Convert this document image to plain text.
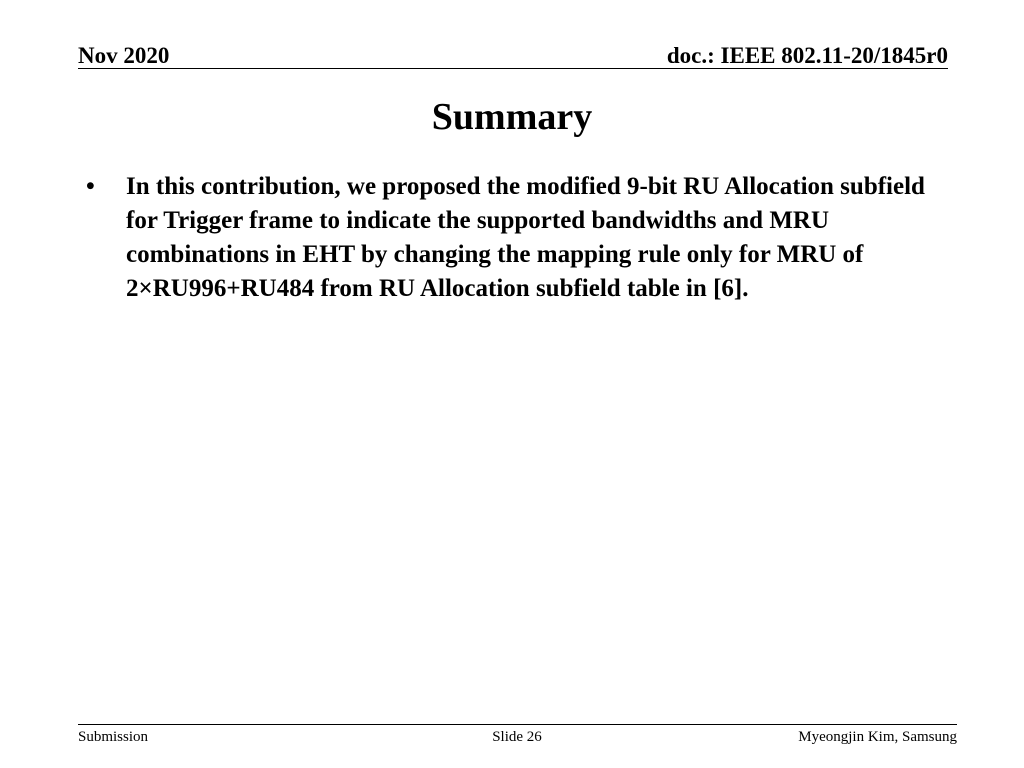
Nov 2020	doc.: IEEE 802.11-20/1845r0
Summary
• In this contribution, we proposed the modified 9-bit RU Allocation subfield for Trigger frame to indicate the supported bandwidths and MRU combinations in EHT by changing the mapping rule only for MRU of 2×RU996+RU484 from RU Allocation subfield table in [6].
Submission	Slide 26	Myeongjin Kim, Samsung
